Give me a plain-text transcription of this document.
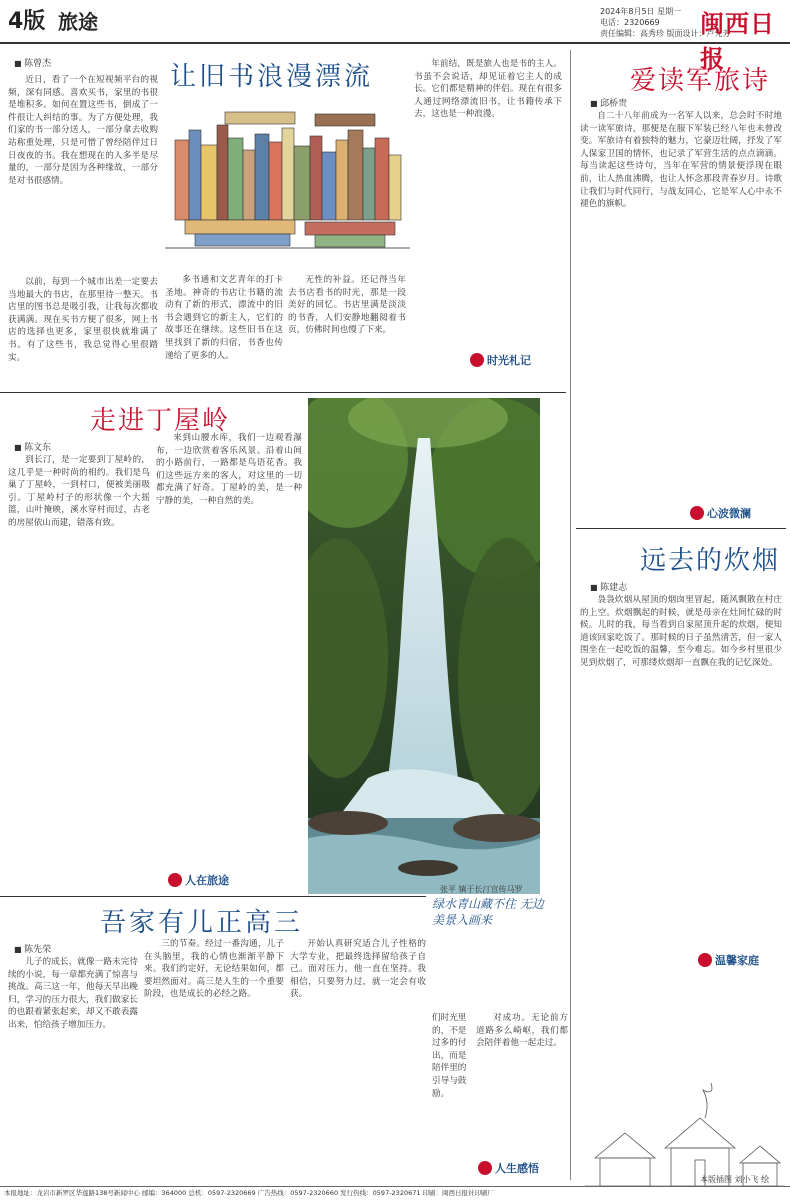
4版 旅途	2024年8月5日 星期一
电话：2320669
责任编辑：高秀珍 版面设计：卢光芳
闽西日报
■ 陈曾杰	让旧书浪漫漂流
近日，看了一个在短视频平台的视频，深有同感。喜欢买书，家里的书很是堆积多。如何在置这些书，倒成了一件很让人纠结的事。为了方便处理，我们家的书一部分送人，一部分拿去收购站称重处理，只是可惜了曾经陪伴过日日夜夜的书。我在想现在的人多半是尽量的，一部分是因为各种缘故，一部分是对书很感情。
以前，每到一个城市出差一定要去当地最大的书店，在那里待一整天。书店里的图书总是吸引我，让我每次都收获满满。现在买书方便了很多，网上书店的选择也更多，家里很快就堆满了书。有了这些书，我总觉得心里很踏实。
多书通和文艺青年的打卡圣地。神奇的书店让书籍的流动有了新的形式，漂流中的旧书会遇到它的新主人，它们的故事还在继续。这些旧书在这里找到了新的归宿，书香也传递给了更多的人。
无性的补益。还记得当年去书店看书的时光，那是一段美好的回忆。书店里满是淡淡的书香，人们安静地翻阅着书页，仿佛时间也慢了下来。
年前结，既是旅人也是书的主人。书虽不会说话，却见证着它主人的成长。它们都是精神的伴侣。现在有很多人通过网络漂流旧书，让书籍传承下去，这也是一种浪漫。
时光札记
爱读军旅诗
■ 邱桥贵
自二十八年前成为一名军人以来，总会时不时地读一读军旅诗，那便是在服下军装已经八年也未曾改变。军旅诗有着独特的魅力，它豪迈壮阔，抒发了军人保家卫国的情怀，也记录了军营生活的点点滴滴。每当读起这些诗句，当年在军营的情景便浮现在眼前，让人热血沸腾，也让人怀念那段青春岁月。诗歌让我们与时代同行，与战友同心，它是军人心中永不褪色的旗帜。
心波微澜
远去的炊烟
■ 陈建志
袅袅炊烟从屋顶的烟囱里冒起，随风飘散在村庄的上空。炊烟飘起的时候，就是母亲在灶间忙碌的时候。儿时的我，每当看到自家屋顶升起的炊烟，便知道该回家吃饭了。那时候的日子虽然清苦，但一家人围坐在一起吃饭的温馨，至今难忘。如今乡村里很少见到炊烟了，可那缕炊烟却一直飘在我的记忆深处。
温馨家庭
本版插图 刘小飞 绘
走进丁屋岭
■ 陈文东
到长汀，是一定要到丁屋岭的，这几乎是一种时尚的相约。我们是鸟巢了丁屋岭，一到村口，便被美丽吸引。丁屋岭村子的形状像一个大摇篮，山叶掩映，溪水穿村而过，古老的房屋依山而建，错落有致。
来到山腰水库，我们一边观看瀑布，一边欣赏着客乐风景。沿着山间的小路前行，一路都是鸟语花香。我们这些远方来的客人，对这里的一切都充满了好奇。丁屋岭的美，是一种宁静的美，一种自然的美。
人在旅途
张平 镇于长汀宣传马罗
吾家有儿正高三
■ 陈先荣
儿子的成长，就像一路未完待续的小说，每一章都充满了惊喜与挑战。高三这一年，他每天早出晚归，学习的压力很大，我们做家长的也跟着紧张起来，却又不敢表露出来，怕给孩子增加压力。
三的节奏。经过一番沟通，儿子在头脑里，我的心情也渐渐平静下来。我们约定好，无论结果如何，都要坦然面对。高三是人生的一个重要阶段，也是成长的必经之路。
开始认真研究适合儿子性格的大学专业，把最终选择留给孩子自己。面对压力，他一直在坚持。我相信，只要努力过，就一定会有收获。
绿水青山藏不住 无边美景入画来
们时光里的，不是过多的付出，而是陪伴里的引导与鼓励。
对成功。无论前方道路多么崎岖，我们都会陪伴着他一起走过。
人生感悟
本报地址：龙岩市新罗区华莲路138号新闻中心 邮编：364000 总机：0597-2320669 广告热线：0597-2320660 发行热线：0597-2320671 印刷：闽西日报社印刷厂
